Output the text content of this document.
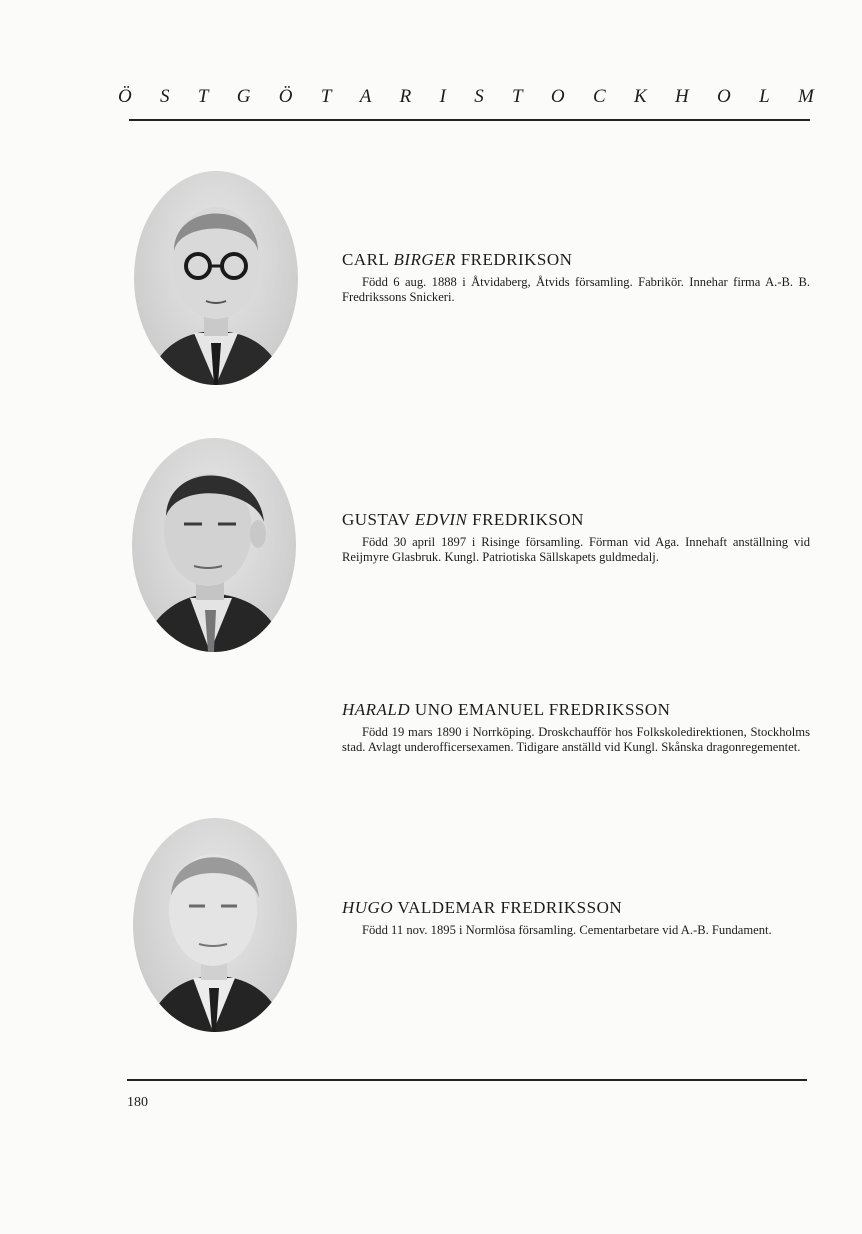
Ö S T G Ö T A R I S T O C K H O L M
CARL BIRGER FREDRIKSON
Född 6 aug. 1888 i Åtvidaberg, Åtvids församling. Fabrikör. Innehar firma A.-B. B. Fredrikssons Snickeri.
GUSTAV EDVIN FREDRIKSON
Född 30 april 1897 i Risinge församling. Förman vid Aga. Innehaft anställning vid Reijmyre Glasbruk. Kungl. Patriotiska Sällskapets guldmedalj.
HARALD UNO EMANUEL FREDRIKSSON
Född 19 mars 1890 i Norrköping. Droskchaufför hos Folkskoledirektionen, Stockholms stad. Avlagt underofficersexamen. Tidigare anställd vid Kungl. Skånska dragonregementet.
HUGO VALDEMAR FREDRIKSSON
Född 11 nov. 1895 i Normlösa församling. Cementarbetare vid A.-B. Fundament.
180
